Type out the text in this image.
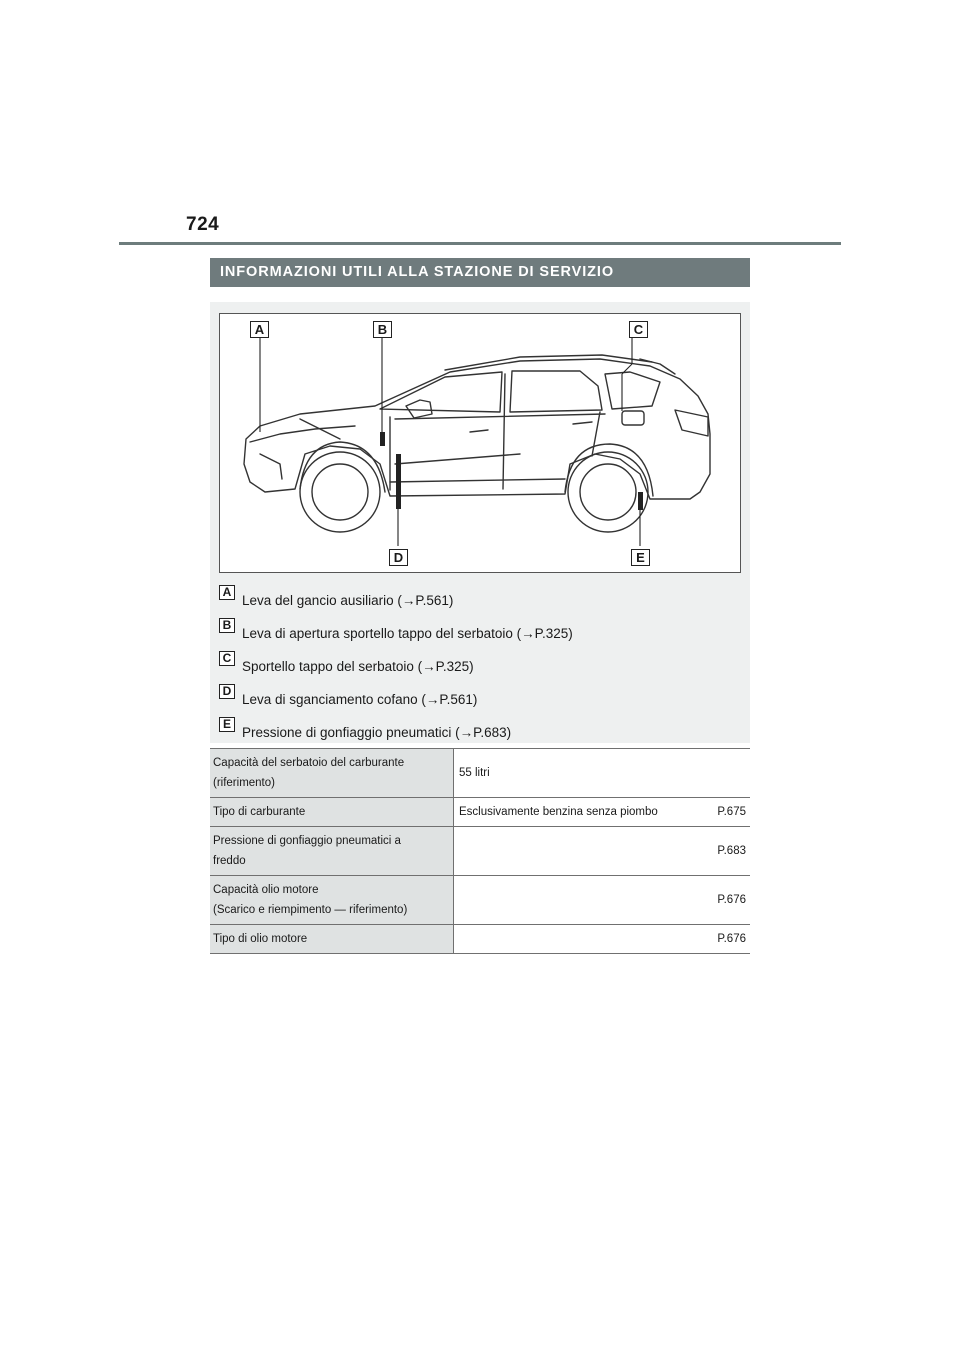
724
INFORMAZIONI UTILI ALLA STAZIONE DI SERVIZIO
A	B	C
D	E
A
Leva del gancio ausiliario (→P.561)
B
Leva di apertura sportello tappo del serbatoio (→P.325)
C
Sportello tappo del serbatoio (→P.325)
D
Leva di sganciamento cofano (→P.561)
E
Pressione di gonfiaggio pneumatici (→P.683)
Capacità del serbatoio del carburante
(riferimento)	55 litri

Tipo di carburante	Esclusivamente benzina senza piombo P.675

Pressione di gonfiaggio pneumatici a
freddo	P.683

Capacità olio motore
(Scarico e riempimento — riferimento)	P.676

Tipo di olio motore	P.676
